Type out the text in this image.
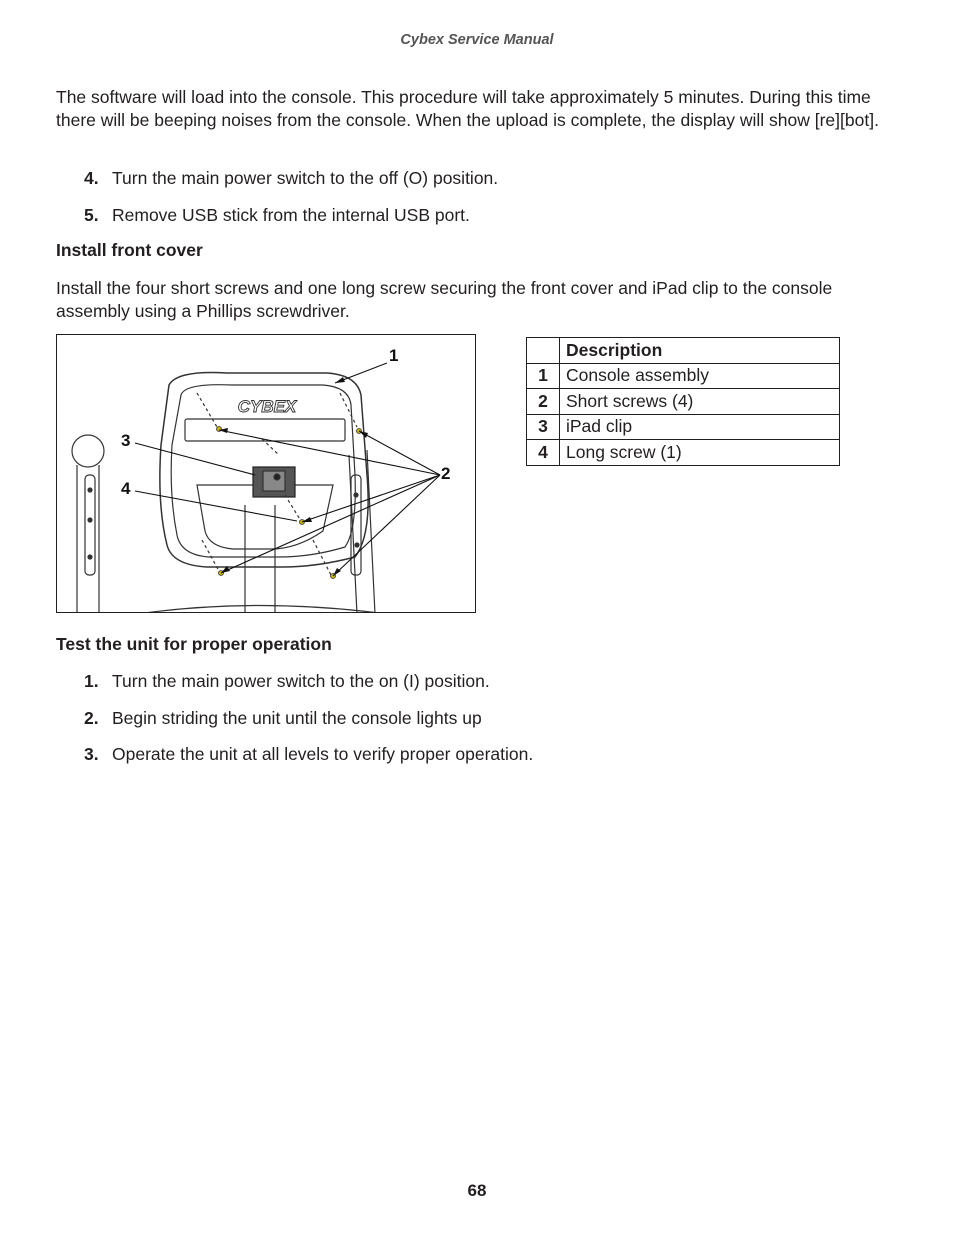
Cybex Service Manual

The software will load into the console. This procedure will take approximately 5 minutes. During this time there will be beeping noises from the console. When the upload is complete, the display will show [re][bot].

4. Turn the main power switch to the off (O) position.
5. Remove USB stick from the internal USB port.
Install front cover

Install the four short screws and one long screw securing the front cover and iPad clip to the console assembly using a Phillips screwdriver.

CYBEX
1
2
3
4
	Description
1	Console assembly
2	Short screws (4)
3	iPad clip
4	Long screw (1)
Test the unit for proper operation
1. Turn the main power switch to the on (I) position.
2. Begin striding the unit until the console lights up
3. Operate the unit at all levels to verify proper operation.
68
